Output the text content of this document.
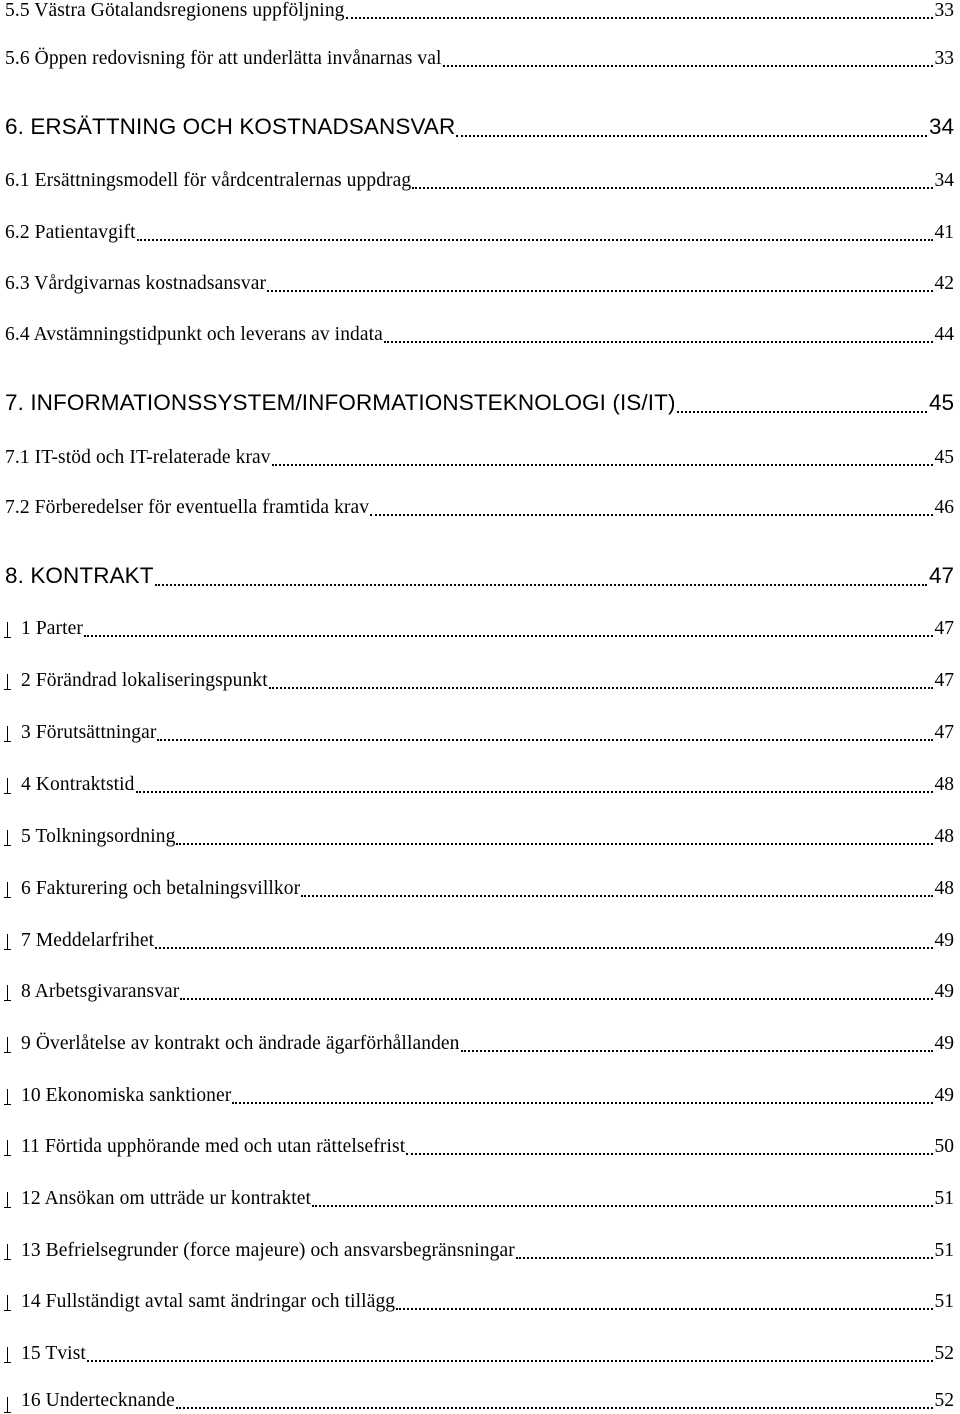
5.5 Västra Götalandsregionens uppföljning	33
5.6 Öppen redovisning för att underlätta invånarnas val	33
6. ERSÄTTNING OCH KOSTNADSANSVAR	34
6.1 Ersättningsmodell för vårdcentralernas uppdrag	34
6.2 Patientavgift	41
6.3 Vårdgivarnas kostnadsansvar	42
6.4 Avstämningstidpunkt och leverans av indata	44
7. INFORMATIONSSYSTEM/INFORMATIONSTEKNOLOGI (IS/IT)	45
7.1 IT-stöd och IT-relaterade krav	45
7.2 Förberedelser för eventuella framtida krav	46
8. KONTRAKT	47
1 Parter	47
2 Förändrad lokaliseringspunkt	47
3 Förutsättningar	47
4 Kontraktstid	48
5 Tolkningsordning	48
6 Fakturering och betalningsvillkor	48
7 Meddelarfrihet	49
8 Arbetsgivaransvar	49
9 Överlåtelse av kontrakt och ändrade ägarförhållanden	49
10 Ekonomiska sanktioner	49
11 Förtida upphörande med och utan rättelsefrist	50
12 Ansökan om utträde ur kontraktet	51
13 Befrielsegrunder (force majeure) och ansvarsbegränsningar	51
14 Fullständigt avtal samt ändringar och tillägg	51
15 Tvist	52
16 Undertecknande	52
